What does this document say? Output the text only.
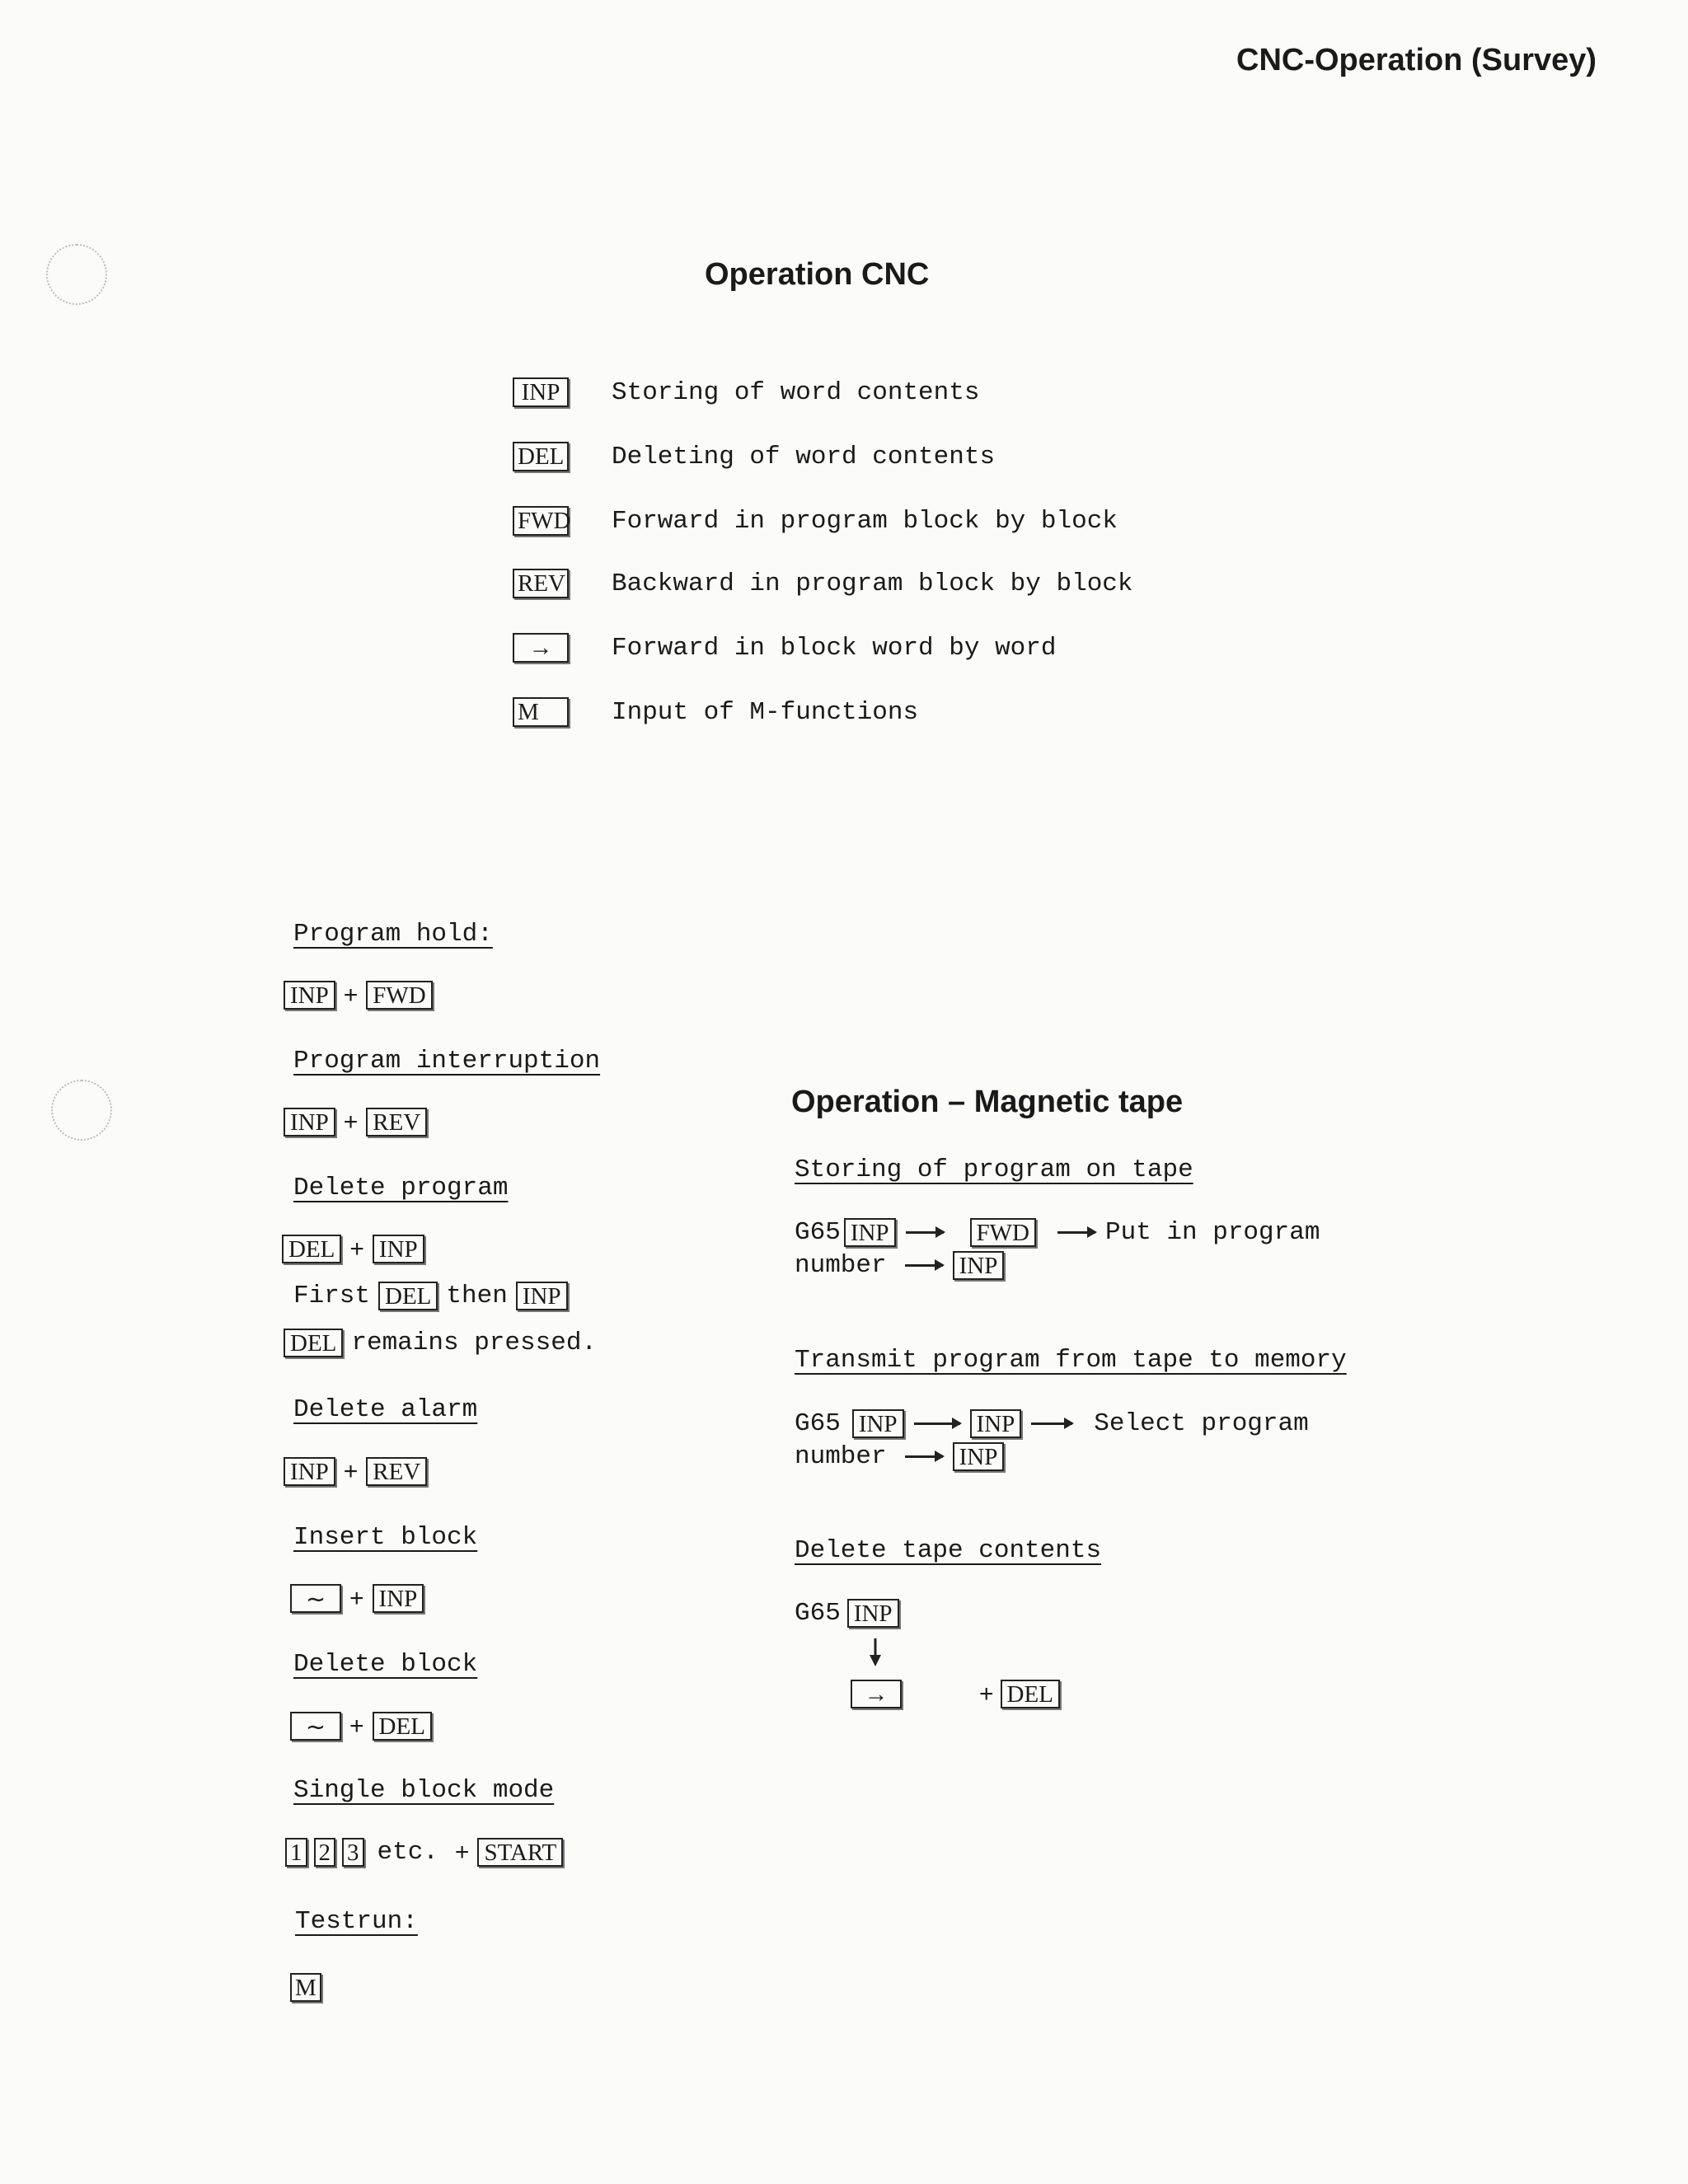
CNC-Operation (Survey)
Operation CNC
INP	Storing of word contents
DEL Deleting of word contents
FWD Forward in program block by block
REV Backward in program block by block
→	Forward in block word by word
M	Input of M-functions
Program hold:
INP + FWD
Program interruption
INP + REV
Delete program
DEL + INP
First DEL then INP
DEL remains pressed.
Delete alarm
INP + REV
Insert block
∼ + INP
Delete block
∼ + DEL
Single block mode
1 2 3 etc. + START
Testrun:
M
Operation – Magnetic tape
Storing of program on tape
G65 INP	FWD	Put in program
number	INP
Transmit program from tape to memory
G65 INP	INP	Select program
number	INP
Delete tape contents
G65 INP
→	+ DEL
